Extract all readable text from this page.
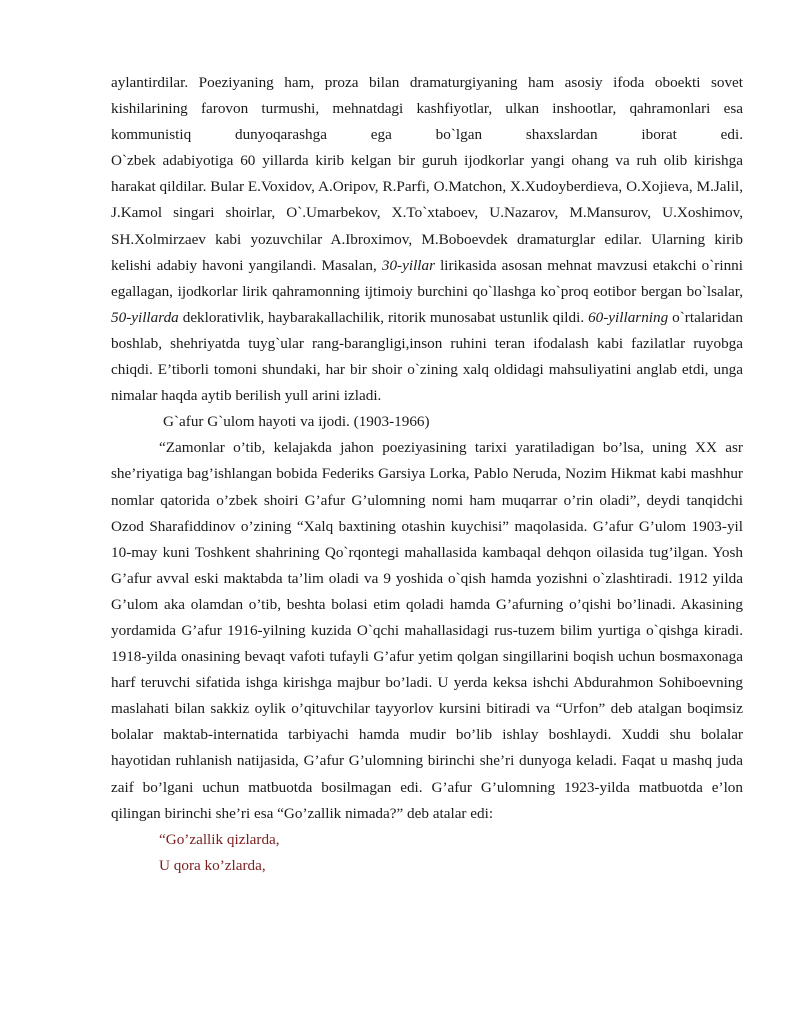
aylantirdilar. Poeziyaning ham, proza bilan dramaturgiyaning ham asosiy ifoda obоekti sovet
kishilarining farovon turmushi, mehnatdagi kashfiyotlar, ulkan inshootlar, qahramonlari esa

kommunistiq dunyoqarashga ega bo`lgan shaxslardan iborat edi.

O`zbek adabiyotiga 60 yillarda kirib kelgan bir guruh ijodkorlar yangi ohang va ruh olib kirishga harakat qildilar. Bular E.Voxidov, A.Oripov, R.Parfi, O.Matchon, X.Xudoyberdieva, O.Xojieva, M.Jalil, J.Kamol singari shoirlar, O`.Umarbekov, X.To`xtaboev, U.Nazarov, M.Mansurov, U.Xoshimov, SH.Xolmirzaev kabi yozuvchilar A.Ibroximov, M.Boboevdek dramaturglar edilar. Ularning kirib kelishi adabiy havoni yangilandi. Masalan, 30-yillar lirikasida asosan mehnat mavzusi etakchi o`rinni egallagan, ijodkorlar lirik qahramonning ijtimoiy burchini qo`llashga ko`proq eotibor bergan bo`lsalar, 50-yillarda deklorativlik, haybarakallachilik, ritorik munosabat ustunlik qildi. 60-yillarning o`rtalaridan boshlab, shehriyatda tuyg`ular rang-barangligi,inson ruhini teran ifodalash kabi fazilatlar ruyobga chiqdi. E’tiborli tomoni shundaki, har bir shoir o`zining xalq oldidagi mahsuliyatini anglab etdi, unga nimalar haqda aytib berilish yull arini izladi.

G`afur G`ulom hayoti va ijodi. (1903-1966)

“Zamonlar o’tib, kelajakda jahon poeziyasining tarixi yaratiladigan bo’lsa, uning XX asr she’riyatiga bag’ishlangan bobida Federiks Garsiya Lorka, Pablo Neruda, Nozim Hikmat kabi mashhur nomlar qatorida o’zbek shoiri G’afur G’ulomning nomi ham muqarrar o’rin oladi”, deydi tanqidchi Ozod Sharafiddinov o’zining “Xalq baxtining otashin kuychisi” maqolasida. G’afur G’ulom 1903-yil 10-may kuni Toshkent shahrining Qo`rqontegi mahallasida kambaqal dehqon oilasida tug’ilgan. Yosh G’afur avval eski maktabda ta’lim oladi va 9 yoshida o`qish hamda yozishni o`zlashtiradi. 1912 yilda G’ulom aka olamdan o’tib, beshta bolasi etim qoladi hamda G’afurning o’qishi bo’linadi. Akasining yordamida G’afur 1916-yilning kuzida O`qchi mahallasidagi rus-tuzem bilim yurtiga o`qishga kiradi. 1918-yilda onasining bevaqt vafoti tufayli G’afur yetim qolgan singillarini boqish uchun bosmaxonaga harf teruvchi sifatida ishga kirishga majbur bo’ladi. U yerda keksa ishchi Abdurahmon Sohiboevning maslahati bilan sakkiz oylik o’qituvchilar tayyorlov kursini bitiradi va “Urfon” deb atalgan boqimsiz bolalar maktab-internatida tarbiyachi hamda mudir bo’lib ishlay boshlaydi. Xuddi shu bolalar hayotidan ruhlanish natijasida, G’afur G’ulomning birinchi she’ri dunyoga keladi. Faqat u mashq juda zaif bo’lgani uchun matbuotda bosilmagan edi. G’afur G’ulomning 1923-yilda matbuotda e’lon qilingan birinchi she’ri esa “Go’zallik nimada?” deb atalar edi:

“Go’zallik qizlarda,

U qora ko’zlarda,
